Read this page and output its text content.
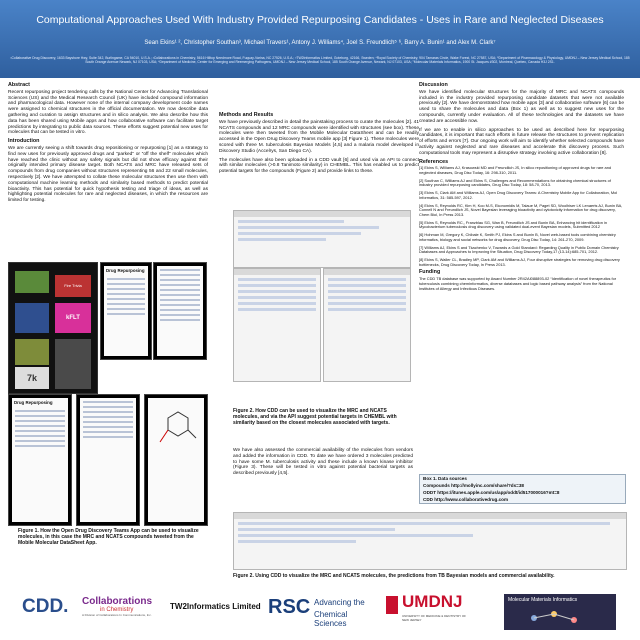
Computational Approaches Used With Industry Provided Repurposing Candidates - Uses in Rare and Neglected Diseases
Sean Ekins¹ ², Christopher Southan³, Michael Travers¹, Antony J. Williams⁴, Joel S. Freundlich⁵ ⁶, Barry A. Bunin¹ and Alex M. Clark⁷
¹Collaborative Drug Discovery, 1633 Bayshore Hwy, Suite 342, Burlingame, CA 94010, U.S.A.; ²Collaborations in Chemistry, 5616 Hilltop Needmore Road, Fuquay-Varina, NC 27526, U.S.A.; ³TW2Informatics Limited, Goteborg, 42166, Sweden; ⁴Royal Society of Chemistry, 904 Tamaras Circle, Wake Forest, NC 27587, USA; ⁵Department of Pharmacology & Physiology, UMDNJ – New Jersey Medical School, 185 South Orange Avenue Newark, NJ 07103, USA; ⁶Department of Medicine, Center for Emerging and Reemerging Pathogens, UMDNJ – New Jersey Medical School, 185 South Orange Avenue, Newark, NJ 07103, USA; ⁷Molecular Materials Informatics, 1900 St. Jacques #302, Montreal, Quebec, Canada H3J 2S1.
Abstract

Recent repurposing project tendering calls by the National Center for Advancing Translational Sciences (US) and the Medical Research Council (UK) have included compound information and pharmacological data. However none of the internal company development code names were assigned to chemical structures in the official documentation. We now describe data gathering and curation to assign structures and in silico analysis. We also describe how this data has been shared using Mobile apps and how collaborative software can facilitate target predictions by integrating to public data sources. These efforts suggest potential new uses for molecules that can be tested in vitro.

Introduction

We are currently seeing a shift towards drug repositioning or repurposing [1] as a strategy to find new uses for previously approved drugs and “parked” or “off the shelf” molecules which have reached the clinic without any safety signals but did not show efficacy against their originally intended primary disease target. Both NCATS and MRC have released sets of compounds from drug companies without structures representing 56 and 22 small molecules, respectively [2]. We have attempted to collate these molecular structures then use them with computational machine learning methods and similarity based methods to predict potential bioactivity. This has potential for quick hypothesis testing and triage of ideas, as well as highlighting potential molecules for rare and neglected diseases, in which the resources are limited for testing.

Fire Trivia
kFLT
7k
Drug Repurposing
Drug Repurposing
Figure 1. How the Open Drug Discovery Teams App can be used to visualize molecules, in this case the MRC and NCATS compounds tweeted from the Mobile Molecular DataSheet App.
Methods and Results

We have previously described in detail the painstaking process to curate the molecules [2]. 41 NCATS compounds and 12 MRC compounds were identified with structures (see box). These molecules were then tweeted from the Mobile Molecular DataSheet and can be readily accessed in the Open Drug Discovery Teams mobile app [3] Figure 1). These molecules were scored with three M. tuberculosis Bayesian Models [4,5] and a malaria model developed in Discovery Studio (Accelrys, San Diego CA).

The molecules have also been uploaded in a CDD vault [6] and used via an API to connect with similar molecules (>0.8 Tanimoto similarity) in CHEMBL. This has enabled us to predict potential targets for the compounds (Figure 2) and provide links to these.

Figure 2. How CDD can be used to visualize the MRC and NCATS molecules, and via the API suggest potential targets in CHEMBL with similarity based on the closest molecules associated with targets.

We have also assessed the commercial availability of the molecules from vendors and added the information in CDD. To date we have ordered 3 molecules predicted to have some M. tuberculosis activity and these include a known kinase inhibitor (Figure 3). These will be tested in vitro against potential bacterial targets as described previously [4,5].

Discussion

We have identified molecular structures for the majority of MRC and NCATS compounds included in the industry provided repurposing candidate datasets that were not available previously [2]. We have demonstrated how mobile apps [3] and collaborative software [6] can be used to share the molecules and data (Box 1) as well as to suggest new uses for the compounds, currently under evaluation. All of these technologies and the datasets we have created are accessible now.

If we are to enable in silico approaches to be used as described here for repurposing candidates, it is important that such efforts in future release the structures to prevent replication of efforts and errors [7]. Our ongoing work will aim to identify whether selected compounds have activity against neglected and rare diseases and accelerate this discovery process. Such computational tools may represent a disruptive strategy involving active collaboration [8].

References

[1] Ekins S, Williams AJ, Krasowski MD and Freundlich JS, In silico repositioning of approved drugs for rare and neglected diseases, Drug Disc Today, 16: 298-310, 2011.

[2] Southan C, Williams AJ and Ekins S, Challenges and Recommendations for obtaining chemical structures of industry provided repurposing candidates, Drug Disc Today, 18: 58-70, 2013.

[3] Ekins S, Clark AM and Williams AJ, Open Drug Discovery Teams: A Chemistry Mobile App for Collaboration, Mol Informatics, 31: 585-597, 2012.

[4] Ekins S, Reynolds RC, Kim H, Koo M-S, Ekonomidis M, Talaue M, Paget SD, Woolhiser LK Lenaerts AJ, Bunin BA, Connell N and Freundlich JS, Novel Bayesian leveraging bioactivity and cytotoxicity information for drug discovery, Chem Biol, In Press 2013.

[5] Ekins S, Reynolds RC,, Franzblau SG, Wan B, Freundlich JS and Bunin BA, Enhancing hit identification in Mycobacterium tuberculosis drug discovery using validated dual-event Bayesian models, Submitted 2012

[6] Hohman M, Gregory K, Chibale K, Smith PJ, Ekins S and Bunin B, Novel web-based tools combining chemistry informatics, biology and social networks for drug discovery, Drug Disc Today, 14: 261-270, 2009.

[7] Williams AJ, Ekins S and Tkachenko V, Towards a Gold Standard: Regarding Quality in Public Domain Chemistry Databases and Approaches to Improving the Situation, Drug Discovery Today,17 (13-14):685-701, 2012.

[8] Ekins S, Waller CL, Bradley MP, Clark AM and Williams AJ, Four disruptive strategies for removing drug discovery bottlenecks, Drug Discovery Today, In Press 2013.

Funding

The CDD TB database was supported by Award Number 2R42AI088893-02 “Identification of novel therapeutics for tuberculosis combining cheminformatics, diverse databases and logic based pathway analysis” from the National Institutes of Allergy and Infectious Diseases.

Box 1. Data sources
Compounds http://mollyinc.com/share/?ds=38
ODDT https://itunes.apple.com/us/app/oddt/id517000016?mt=8
CDD http://www.collaborativedrug.com
Figure 2. Using CDD to visualize the MRC and NCATS molecules, the predictions from TB Bayesian models and commercial availability.
CDD. Collaborations
in Chemistry
A Division of Collaborations In Communications, Inc.
TW2Informatics Limited RSC Advancing the
Chemical Sciences
UMDNJ
UNIVERSITY OF MEDICINE & DENTISTRY OF NEW JERSEY
Molecular Materials Informatics
